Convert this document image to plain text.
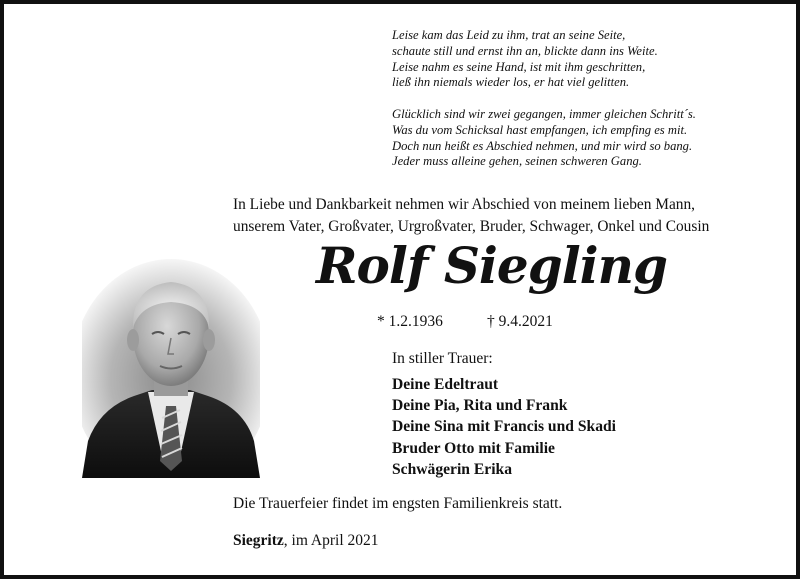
Leise kam das Leid zu ihm, trat an seine Seite,
schaute still und ernst ihn an, blickte dann ins Weite.
Leise nahm es seine Hand, ist mit ihm geschritten,
ließ ihn niemals wieder los, er hat viel gelitten.
Glücklich sind wir zwei gegangen, immer gleichen Schritt´s.
Was du vom Schicksal hast empfangen, ich empfing es mit.
Doch nun heißt es Abschied nehmen, und mir wird so bang.
Jeder muss alleine gehen, seinen schweren Gang.
In Liebe und Dankbarkeit nehmen wir Abschied von meinem lieben Mann,
unserem Vater, Großvater, Urgroßvater, Bruder, Schwager, Onkel und Cousin
Rolf Siegling
* 1.2.1936	† 9.4.2021
In stiller Trauer:
Deine Edeltraut
Deine Pia, Rita und Frank
Deine Sina mit Francis und Skadi
Bruder Otto mit Familie
Schwägerin Erika
Die Trauerfeier findet im engsten Familienkreis statt.
Siegritz, im April 2021
